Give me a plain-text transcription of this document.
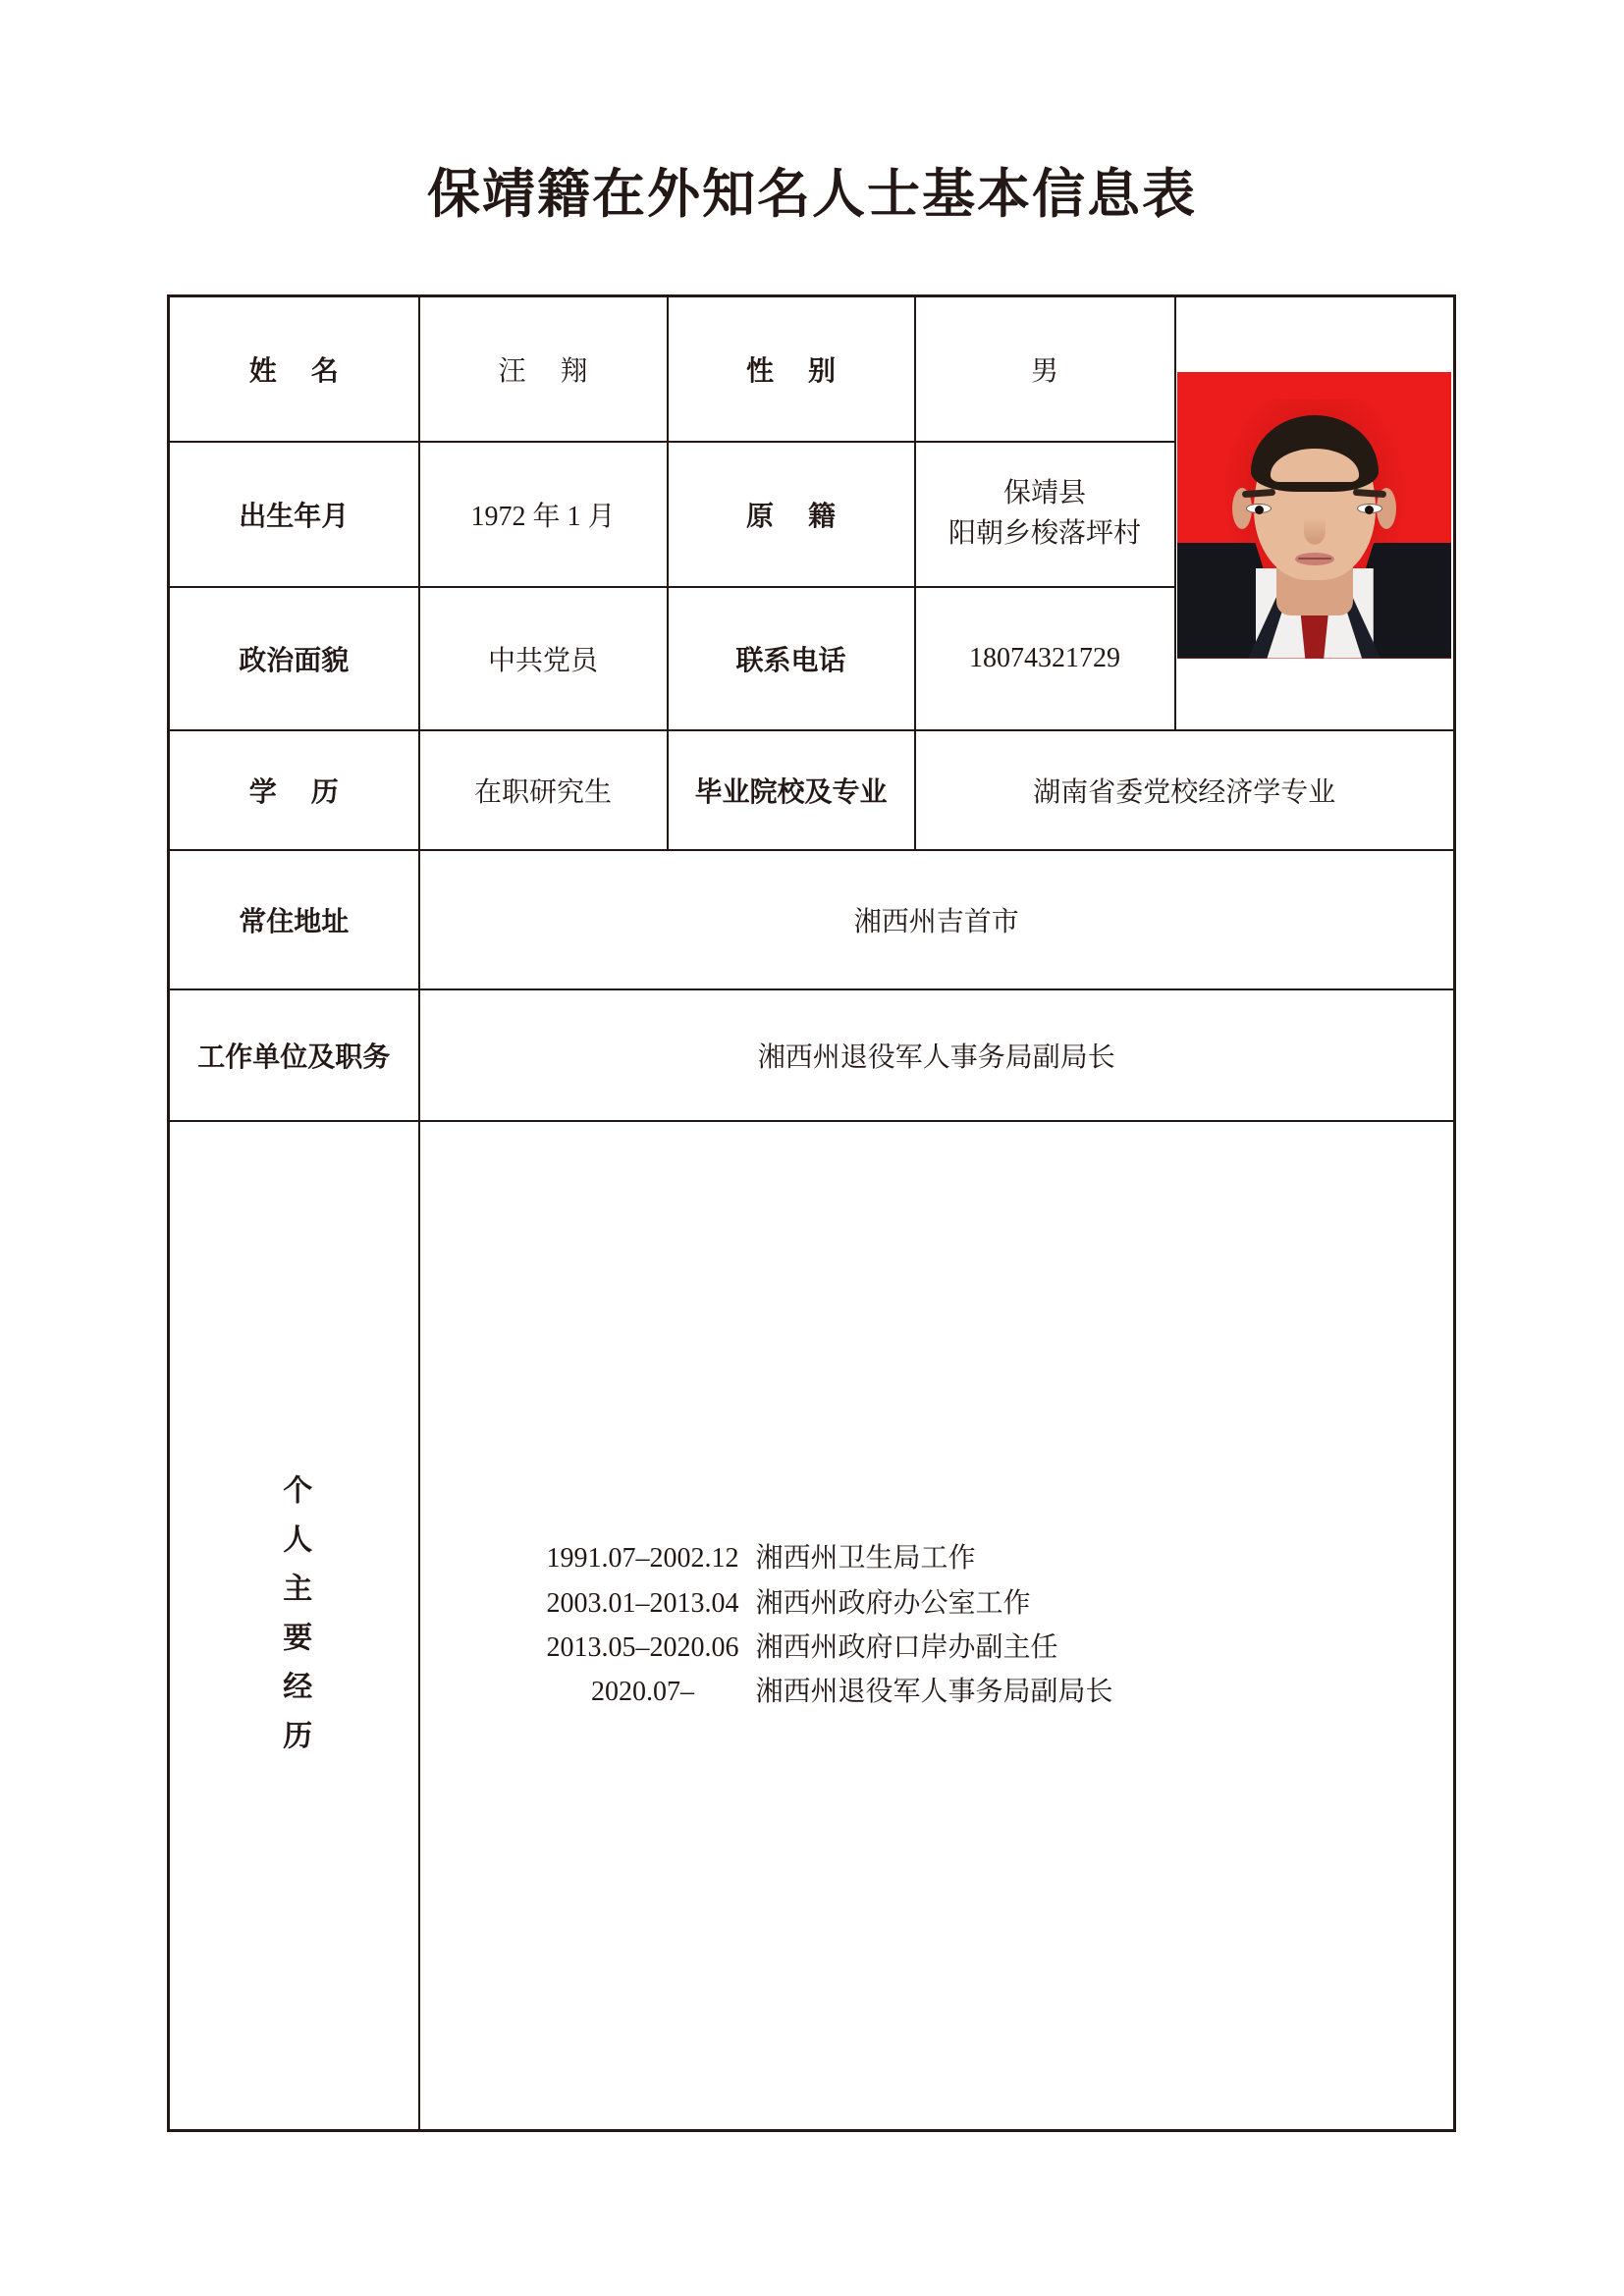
保靖籍在外知名人士基本信息表
姓 名	汪 翔	性 别	男	

出生年月	1972 年 1 月	原 籍	保靖县
阳朝乡梭落坪村	

政治面貌	中共党员	联系电话	18074321729	
学 历	在职研究生	毕业院校及专业	湖南省委党校经济学专业	
常住地址	湘西州吉首市			
工作单位及职务	湘西州退役军人事务局副局长			
个人主要经历	1991.07–2002.12 湘西州卫生局工作
2003.01–2013.04 湘西州政府办公室工作
2013.05–2020.06 湘西州政府口岸办副主任
2020.07–	湘西州退役军人事务局副局长
